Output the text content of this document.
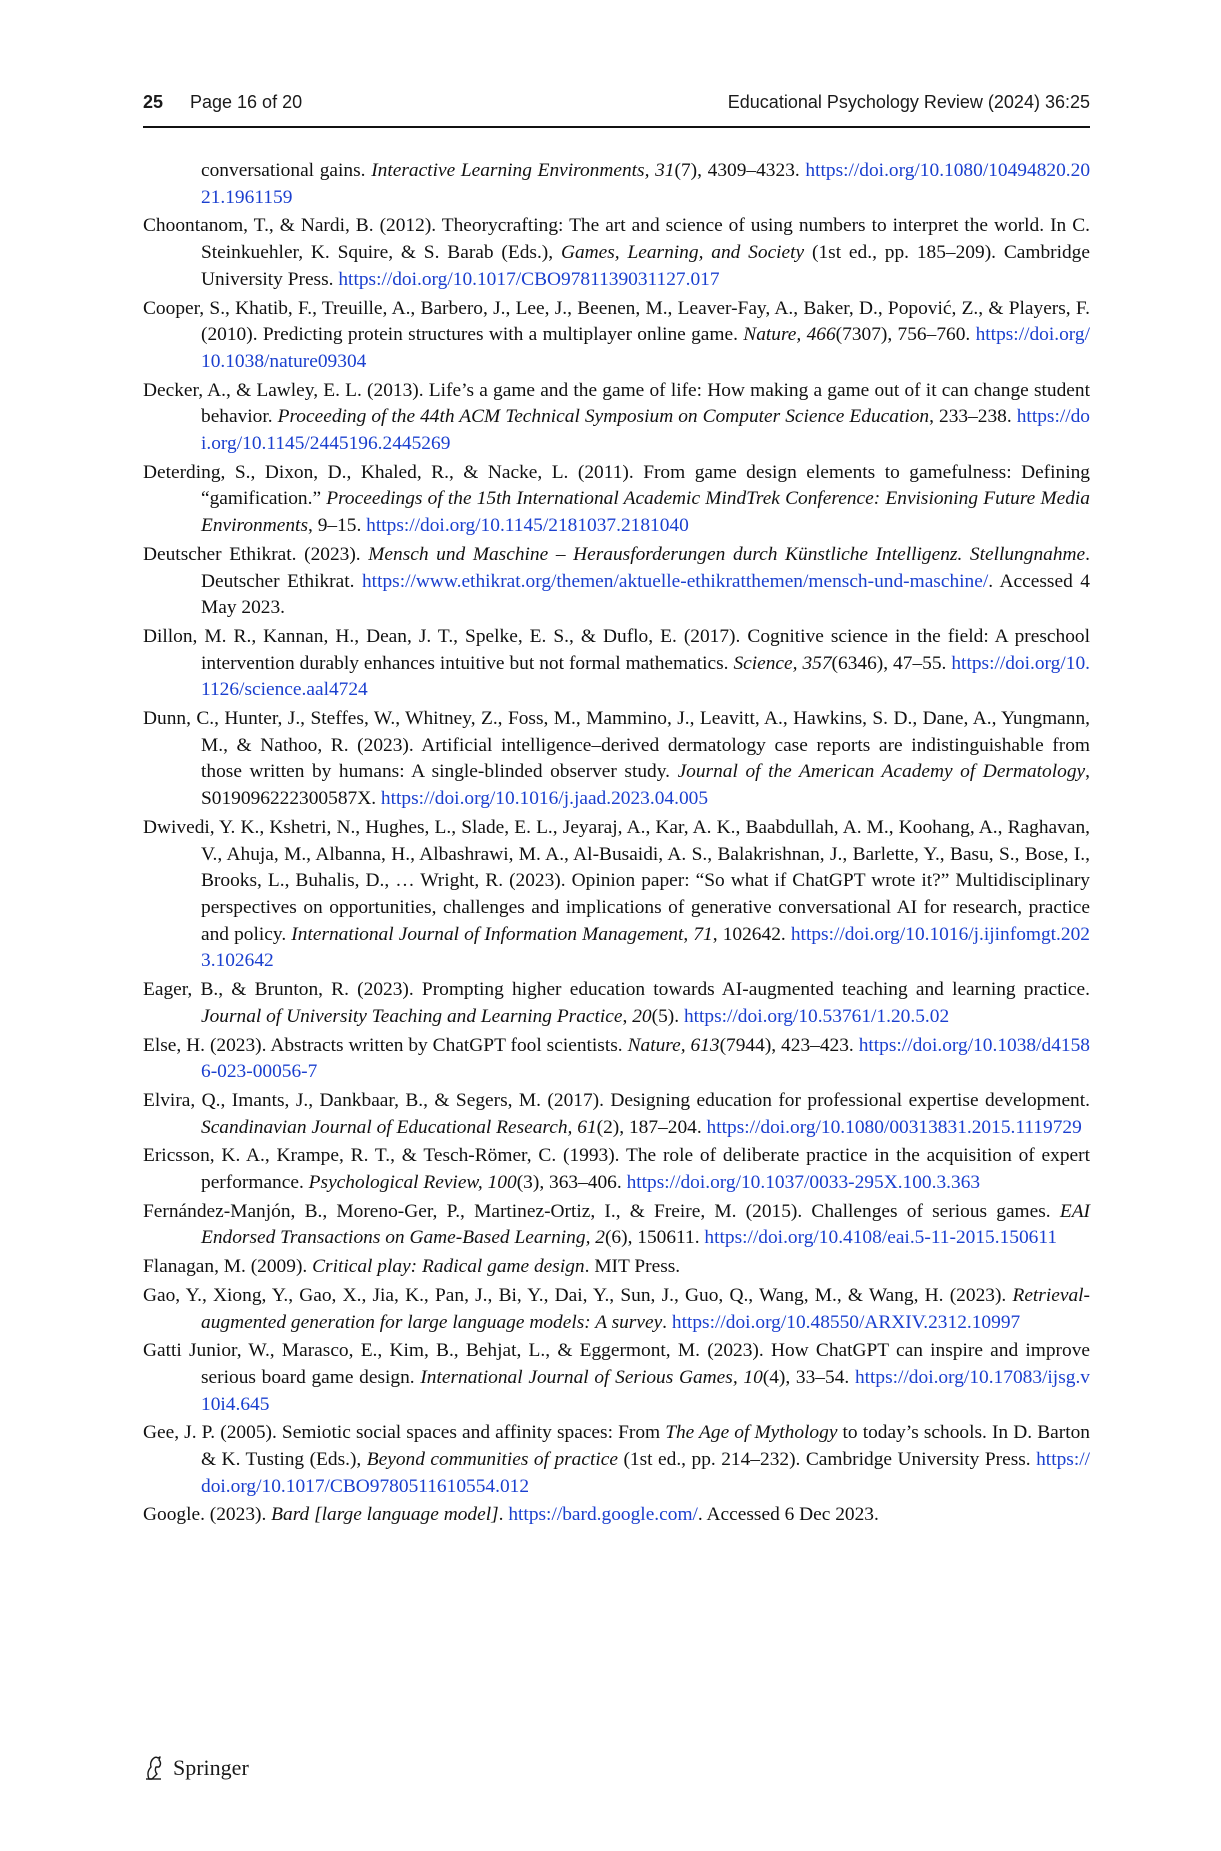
25 Page 16 of 20	Educational Psychology Review (2024) 36:25
conversational gains. Interactive Learning Environments, 31(7), 4309–4323. https://doi.org/10.1080/10494820.2021.1961159
Choontanom, T., & Nardi, B. (2012). Theorycrafting: The art and science of using numbers to interpret the world. In C. Steinkuehler, K. Squire, & S. Barab (Eds.), Games, Learning, and Society (1st ed., pp. 185–209). Cambridge University Press. https://doi.org/10.1017/CBO9781139031127.017
Cooper, S., Khatib, F., Treuille, A., Barbero, J., Lee, J., Beenen, M., Leaver-Fay, A., Baker, D., Popović, Z., & Players, F. (2010). Predicting protein structures with a multiplayer online game. Nature, 466(7307), 756–760. https://doi.org/10.1038/nature09304
Decker, A., & Lawley, E. L. (2013). Life’s a game and the game of life: How making a game out of it can change student behavior. Proceeding of the 44th ACM Technical Symposium on Computer Science Education, 233–238. https://doi.org/10.1145/2445196.2445269
Deterding, S., Dixon, D., Khaled, R., & Nacke, L. (2011). From game design elements to gamefulness: Defining “gamification.” Proceedings of the 15th International Academic MindTrek Conference: Envisioning Future Media Environments, 9–15. https://doi.org/10.1145/2181037.2181040
Deutscher Ethikrat. (2023). Mensch und Maschine – Herausforderungen durch Künstliche Intelligenz. Stellungnahme. Deutscher Ethikrat. https://www.ethikrat.org/themen/aktuelle-ethikratthemen/mensch-und-maschine/. Accessed 4 May 2023.
Dillon, M. R., Kannan, H., Dean, J. T., Spelke, E. S., & Duflo, E. (2017). Cognitive science in the field: A preschool intervention durably enhances intuitive but not formal mathematics. Science, 357(6346), 47–55. https://doi.org/10.1126/science.aal4724
Dunn, C., Hunter, J., Steffes, W., Whitney, Z., Foss, M., Mammino, J., Leavitt, A., Hawkins, S. D., Dane, A., Yungmann, M., & Nathoo, R. (2023). Artificial intelligence–derived dermatology case reports are indistinguishable from those written by humans: A single-blinded observer study. Journal of the American Academy of Dermatology, S019096222300587X. https://doi.org/10.1016/j.jaad.2023.04.005
Dwivedi, Y. K., Kshetri, N., Hughes, L., Slade, E. L., Jeyaraj, A., Kar, A. K., Baabdullah, A. M., Koohang, A., Raghavan, V., Ahuja, M., Albanna, H., Albashrawi, M. A., Al-Busaidi, A. S., Balakrishnan, J., Barlette, Y., Basu, S., Bose, I., Brooks, L., Buhalis, D., … Wright, R. (2023). Opinion paper: “So what if ChatGPT wrote it?” Multidisciplinary perspectives on opportunities, challenges and implications of generative conversational AI for research, practice and policy. International Journal of Information Management, 71, 102642. https://doi.org/10.1016/j.ijinfomgt.2023.102642
Eager, B., & Brunton, R. (2023). Prompting higher education towards AI-augmented teaching and learning practice. Journal of University Teaching and Learning Practice, 20(5). https://doi.org/10.53761/1.20.5.02
Else, H. (2023). Abstracts written by ChatGPT fool scientists. Nature, 613(7944), 423–423. https://doi.org/10.1038/d41586-023-00056-7
Elvira, Q., Imants, J., Dankbaar, B., & Segers, M. (2017). Designing education for professional expertise development. Scandinavian Journal of Educational Research, 61(2), 187–204. https://doi.org/10.1080/00313831.2015.1119729
Ericsson, K. A., Krampe, R. T., & Tesch-Römer, C. (1993). The role of deliberate practice in the acquisition of expert performance. Psychological Review, 100(3), 363–406. https://doi.org/10.1037/0033-295X.100.3.363
Fernández-Manjón, B., Moreno-Ger, P., Martinez-Ortiz, I., & Freire, M. (2015). Challenges of serious games. EAI Endorsed Transactions on Game-Based Learning, 2(6), 150611. https://doi.org/10.4108/eai.5-11-2015.150611
Flanagan, M. (2009). Critical play: Radical game design. MIT Press.
Gao, Y., Xiong, Y., Gao, X., Jia, K., Pan, J., Bi, Y., Dai, Y., Sun, J., Guo, Q., Wang, M., & Wang, H. (2023). Retrieval-augmented generation for large language models: A survey. https://doi.org/10.48550/ARXIV.2312.10997
Gatti Junior, W., Marasco, E., Kim, B., Behjat, L., & Eggermont, M. (2023). How ChatGPT can inspire and improve serious board game design. International Journal of Serious Games, 10(4), 33–54. https://doi.org/10.17083/ijsg.v10i4.645
Gee, J. P. (2005). Semiotic social spaces and affinity spaces: From The Age of Mythology to today’s schools. In D. Barton & K. Tusting (Eds.), Beyond communities of practice (1st ed., pp. 214–232). Cambridge University Press. https://doi.org/10.1017/CBO9780511610554.012
Google. (2023). Bard [large language model]. https://bard.google.com/. Accessed 6 Dec 2023.
Springer
